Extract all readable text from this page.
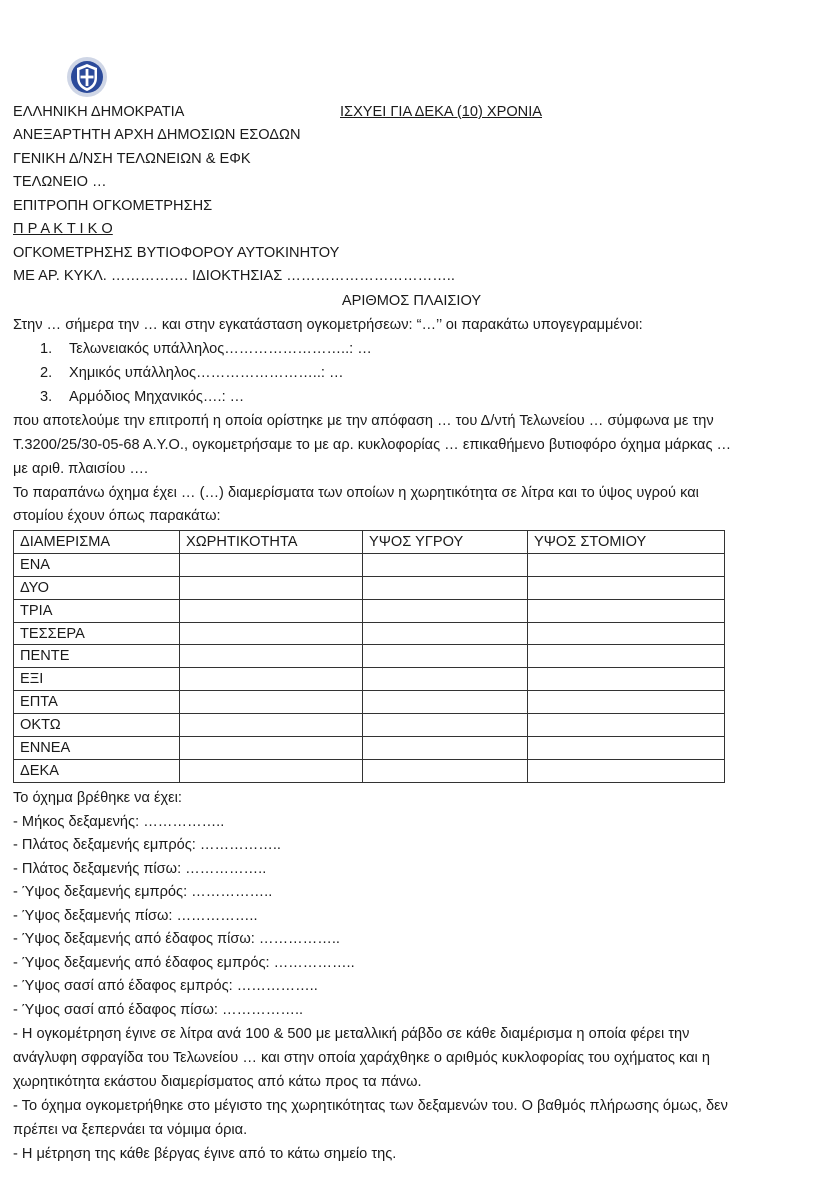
ΕΛΛΗΝΙΚΗ ΔΗΜΟΚΡΑΤΙΑ	ΙΣΧΥΕΙ ΓΙΑ ΔΕΚΑ (10) ΧΡΟΝΙΑ
ΑΝΕΞΑΡΤΗΤΗ ΑΡΧΗ ΔΗΜΟΣΙΩΝ ΕΣΟΔΩΝ
ΓΕΝΙΚΗ Δ/ΝΣΗ ΤΕΛΩΝΕΙΩΝ & ΕΦΚ
ΤΕΛΩΝΕΙΟ …
ΕΠΙΤΡΟΠΗ ΟΓΚΟΜΕΤΡΗΣΗΣ
Π Ρ Α Κ Τ Ι Κ Ο
ΟΓΚΟΜΕΤΡΗΣΗΣ ΒΥΤΙΟΦΟΡΟΥ ΑΥΤΟΚΙΝΗΤΟΥ
ΜΕ ΑΡ. ΚΥΚΛ. ……………. ΙΔΙΟΚΤΗΣΙΑΣ ……………………………..
ΑΡΙΘΜΟΣ ΠΛΑΙΣΙΟΥ
Στην … σήμερα την … και στην εγκατάσταση ογκομετρήσεων: “…’’ οι παρακάτω υπογεγραμμένοι:
1. Τελωνειακός υπάλληλος……………………..: …
2. Χημικός υπάλληλος……………………..: …
3. Αρμόδιος Μηχανικός….: …
που αποτελούμε την επιτροπή η οποία ορίστηκε με την απόφαση … του Δ/ντή Τελωνείου … σύμφωνα με την
Τ.3200/25/30-05-68 Α.Υ.Ο., ογκομετρήσαμε το με αρ. κυκλοφορίας … επικαθήμενο βυτιοφόρο όχημα μάρκας …
με αριθ. πλαισίου ….
Το παραπάνω όχημα έχει … (…) διαμερίσματα των οποίων η χωρητικότητα σε λίτρα και το ύψος υγρού και
στομίου έχουν όπως παρακάτω:
ΔΙΑΜΕΡΙΣΜΑ	ΧΩΡΗΤΙΚΟΤΗΤΑ	ΥΨΟΣ ΥΓΡΟΥ	ΥΨΟΣ ΣΤΟΜΙΟΥ
ΕΝΑ			
ΔΥΟ			
ΤΡΙΑ			
ΤΕΣΣΕΡΑ			
ΠΕΝΤΕ			
ΕΞΙ			
ΕΠΤΑ			
ΟΚΤΩ			
ΕΝΝΕΑ			
ΔΕΚΑ			
Το όχημα βρέθηκε να έχει:
- Μήκος δεξαμενής: ……………..
- Πλάτος δεξαμενής εμπρός: ……………..
- Πλάτος δεξαμενής πίσω: ……………..
- Ύψος δεξαμενής εμπρός: ……………..
- Ύψος δεξαμενής πίσω: ……………..
- Ύψος δεξαμενής από έδαφος πίσω: ……………..
- Ύψος δεξαμενής από έδαφος εμπρός: ……………..
- Ύψος σασί από έδαφος εμπρός: ……………..
- Ύψος σασί από έδαφος πίσω: ……………..
- Η ογκομέτρηση έγινε σε λίτρα ανά 100 & 500 με μεταλλική ράβδο σε κάθε διαμέρισμα η οποία φέρει την
ανάγλυφη σφραγίδα του Τελωνείου … και στην οποία χαράχθηκε ο αριθμός κυκλοφορίας του οχήματος και η
χωρητικότητα εκάστου διαμερίσματος από κάτω προς τα πάνω.
- Το όχημα ογκομετρήθηκε στο μέγιστο της χωρητικότητας των δεξαμενών του. Ο βαθμός πλήρωσης όμως, δεν
πρέπει να ξεπερνάει τα νόμιμα όρια.
- Η μέτρηση της κάθε βέργας έγινε από το κάτω σημείο της.
